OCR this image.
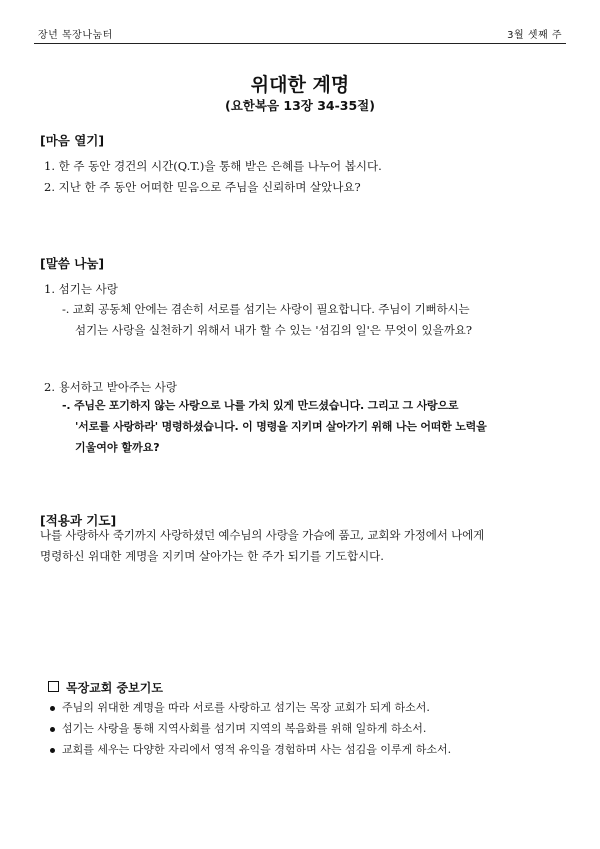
장년 목장나눔터	3월 셋째 주
위대한 계명
(요한복음 13장 34-35절)
[마음 열기]
1. 한 주 동안 경건의 시간(Q.T.)을 통해 받은 은혜를 나누어 봅시다.
2. 지난 한 주 동안 어떠한 믿음으로 주님을 신뢰하며 살았나요?
[말씀 나눔]
1. 섬기는 사랑
-. 교회 공동체 안에는 겸손히 서로를 섬기는 사랑이 필요합니다. 주님이 기뻐하시는
섬기는 사랑을 실천하기 위해서 내가 할 수 있는 '섬김의 일'은 무엇이 있을까요?
2. 용서하고 받아주는 사랑
-. 주님은 포기하지 않는 사랑으로 나를 가치 있게 만드셨습니다. 그리고 그 사랑으로
'서로를 사랑하라' 명령하셨습니다. 이 명령을 지키며 살아가기 위해 나는 어떠한 노력을
기울여야 할까요?
[적용과 기도]
나를 사랑하사 죽기까지 사랑하셨던 예수님의 사랑을 가슴에 품고, 교회와 가정에서 나에게
명령하신 위대한 계명을 지키며 살아가는 한 주가 되기를 기도합시다.
목장교회 중보기도
주님의 위대한 계명을 따라 서로를 사랑하고 섬기는 목장 교회가 되게 하소서.
섬기는 사랑을 통해 지역사회를 섬기며 지역의 복음화를 위해 일하게 하소서.
교회를 세우는 다양한 자리에서 영적 유익을 경험하며 사는 섬김을 이루게 하소서.
